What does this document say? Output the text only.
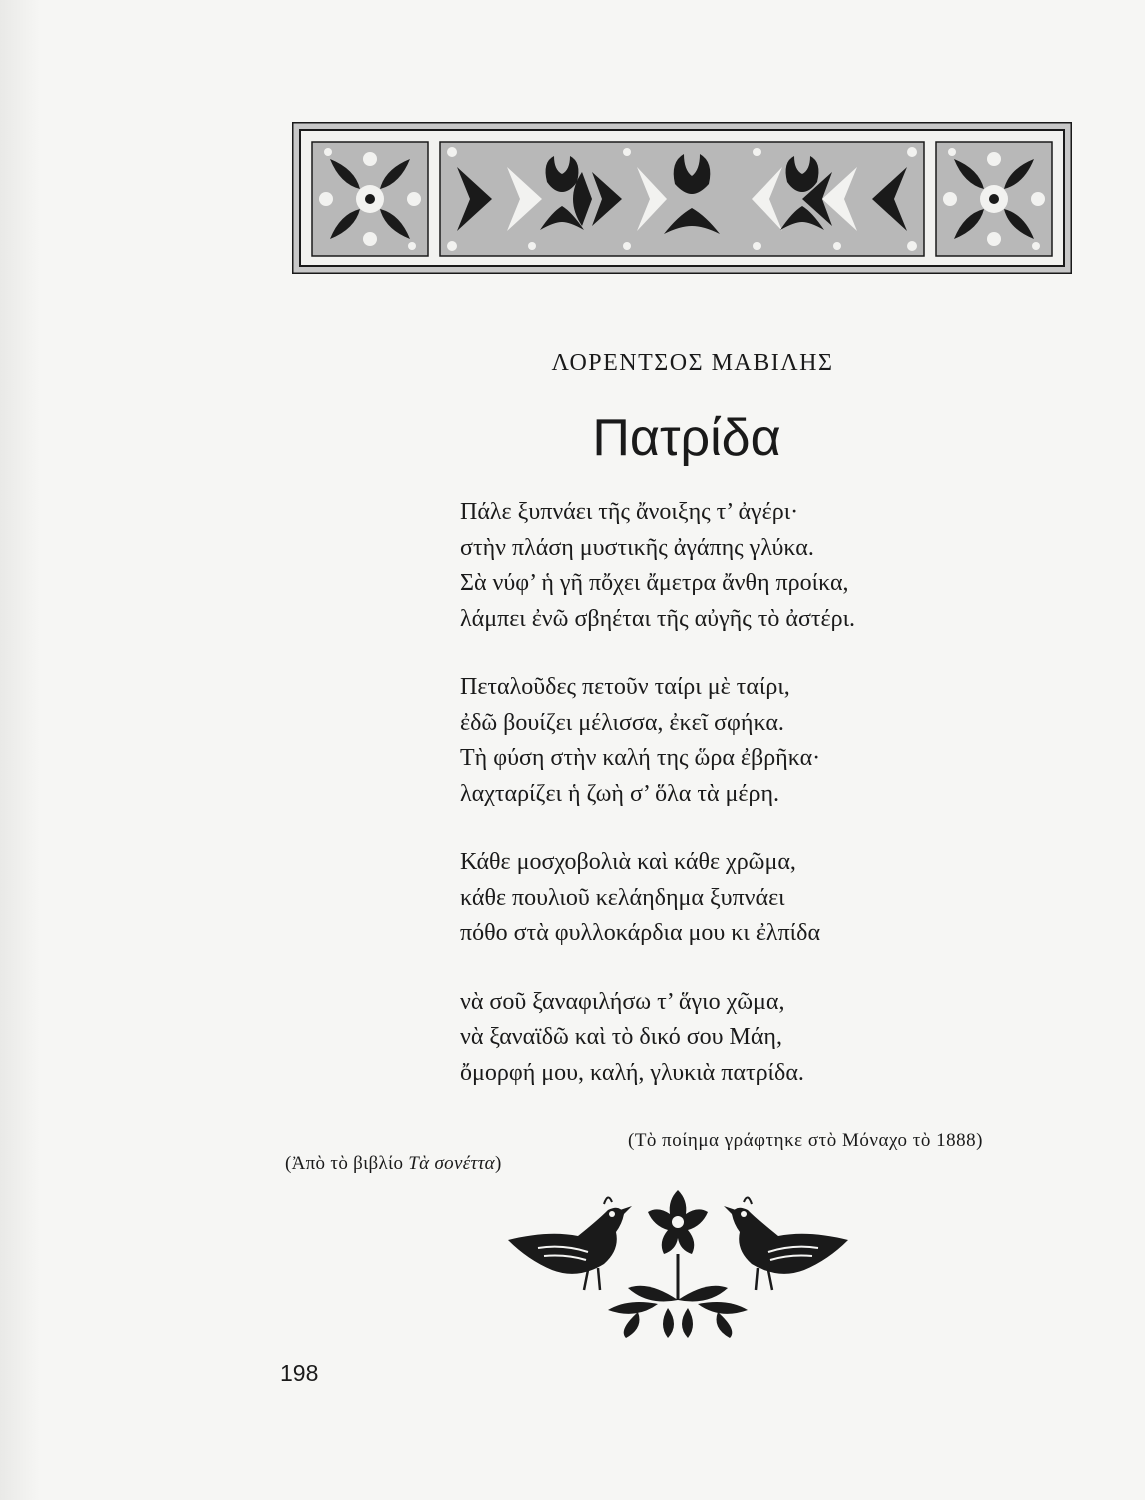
ΛΟΡΕΝΤΣΟΣ ΜΑΒΙΛΗΣ
Πατρίδα
Πάλε ξυπνάει τῆς ἄνοιξης τ’ ἀγέρι·
στὴν πλάση μυστικῆς ἀγάπης γλύκα.
Σὰ νύφ’ ἡ γῆ πὄχει ἄμετρα ἄνθη προίκα,
λάμπει ἐνῶ σβηέται τῆς αὐγῆς τὸ ἀστέρι.
Πεταλοῦδες πετοῦν ταίρι μὲ ταίρι,
ἐδῶ βουίζει μέλισσα, ἐκεῖ σφήκα.
Τὴ φύση στὴν καλή της ὥρα ἐβρῆκα·
λαχταρίζει ἡ ζωὴ σ’ ὅλα τὰ μέρη.
Κάθε μοσχοβολιὰ καὶ κάθε χρῶμα,
κάθε πουλιοῦ κελάηδημα ξυπνάει
πόθο στὰ φυλλοκάρδια μου κι ἐλπίδα
νὰ σοῦ ξαναφιλήσω τ’ ἅγιο χῶμα,
νὰ ξαναϊδῶ καὶ τὸ δικό σου Μάη,
ὄμορφή μου, καλή, γλυκιὰ πατρίδα.
(Τὸ ποίημα γράφτηκε στὸ Μόναχο τὸ 1888)
(Ἀπὸ τὸ βιβλίο Τὰ σονέττα)
198
